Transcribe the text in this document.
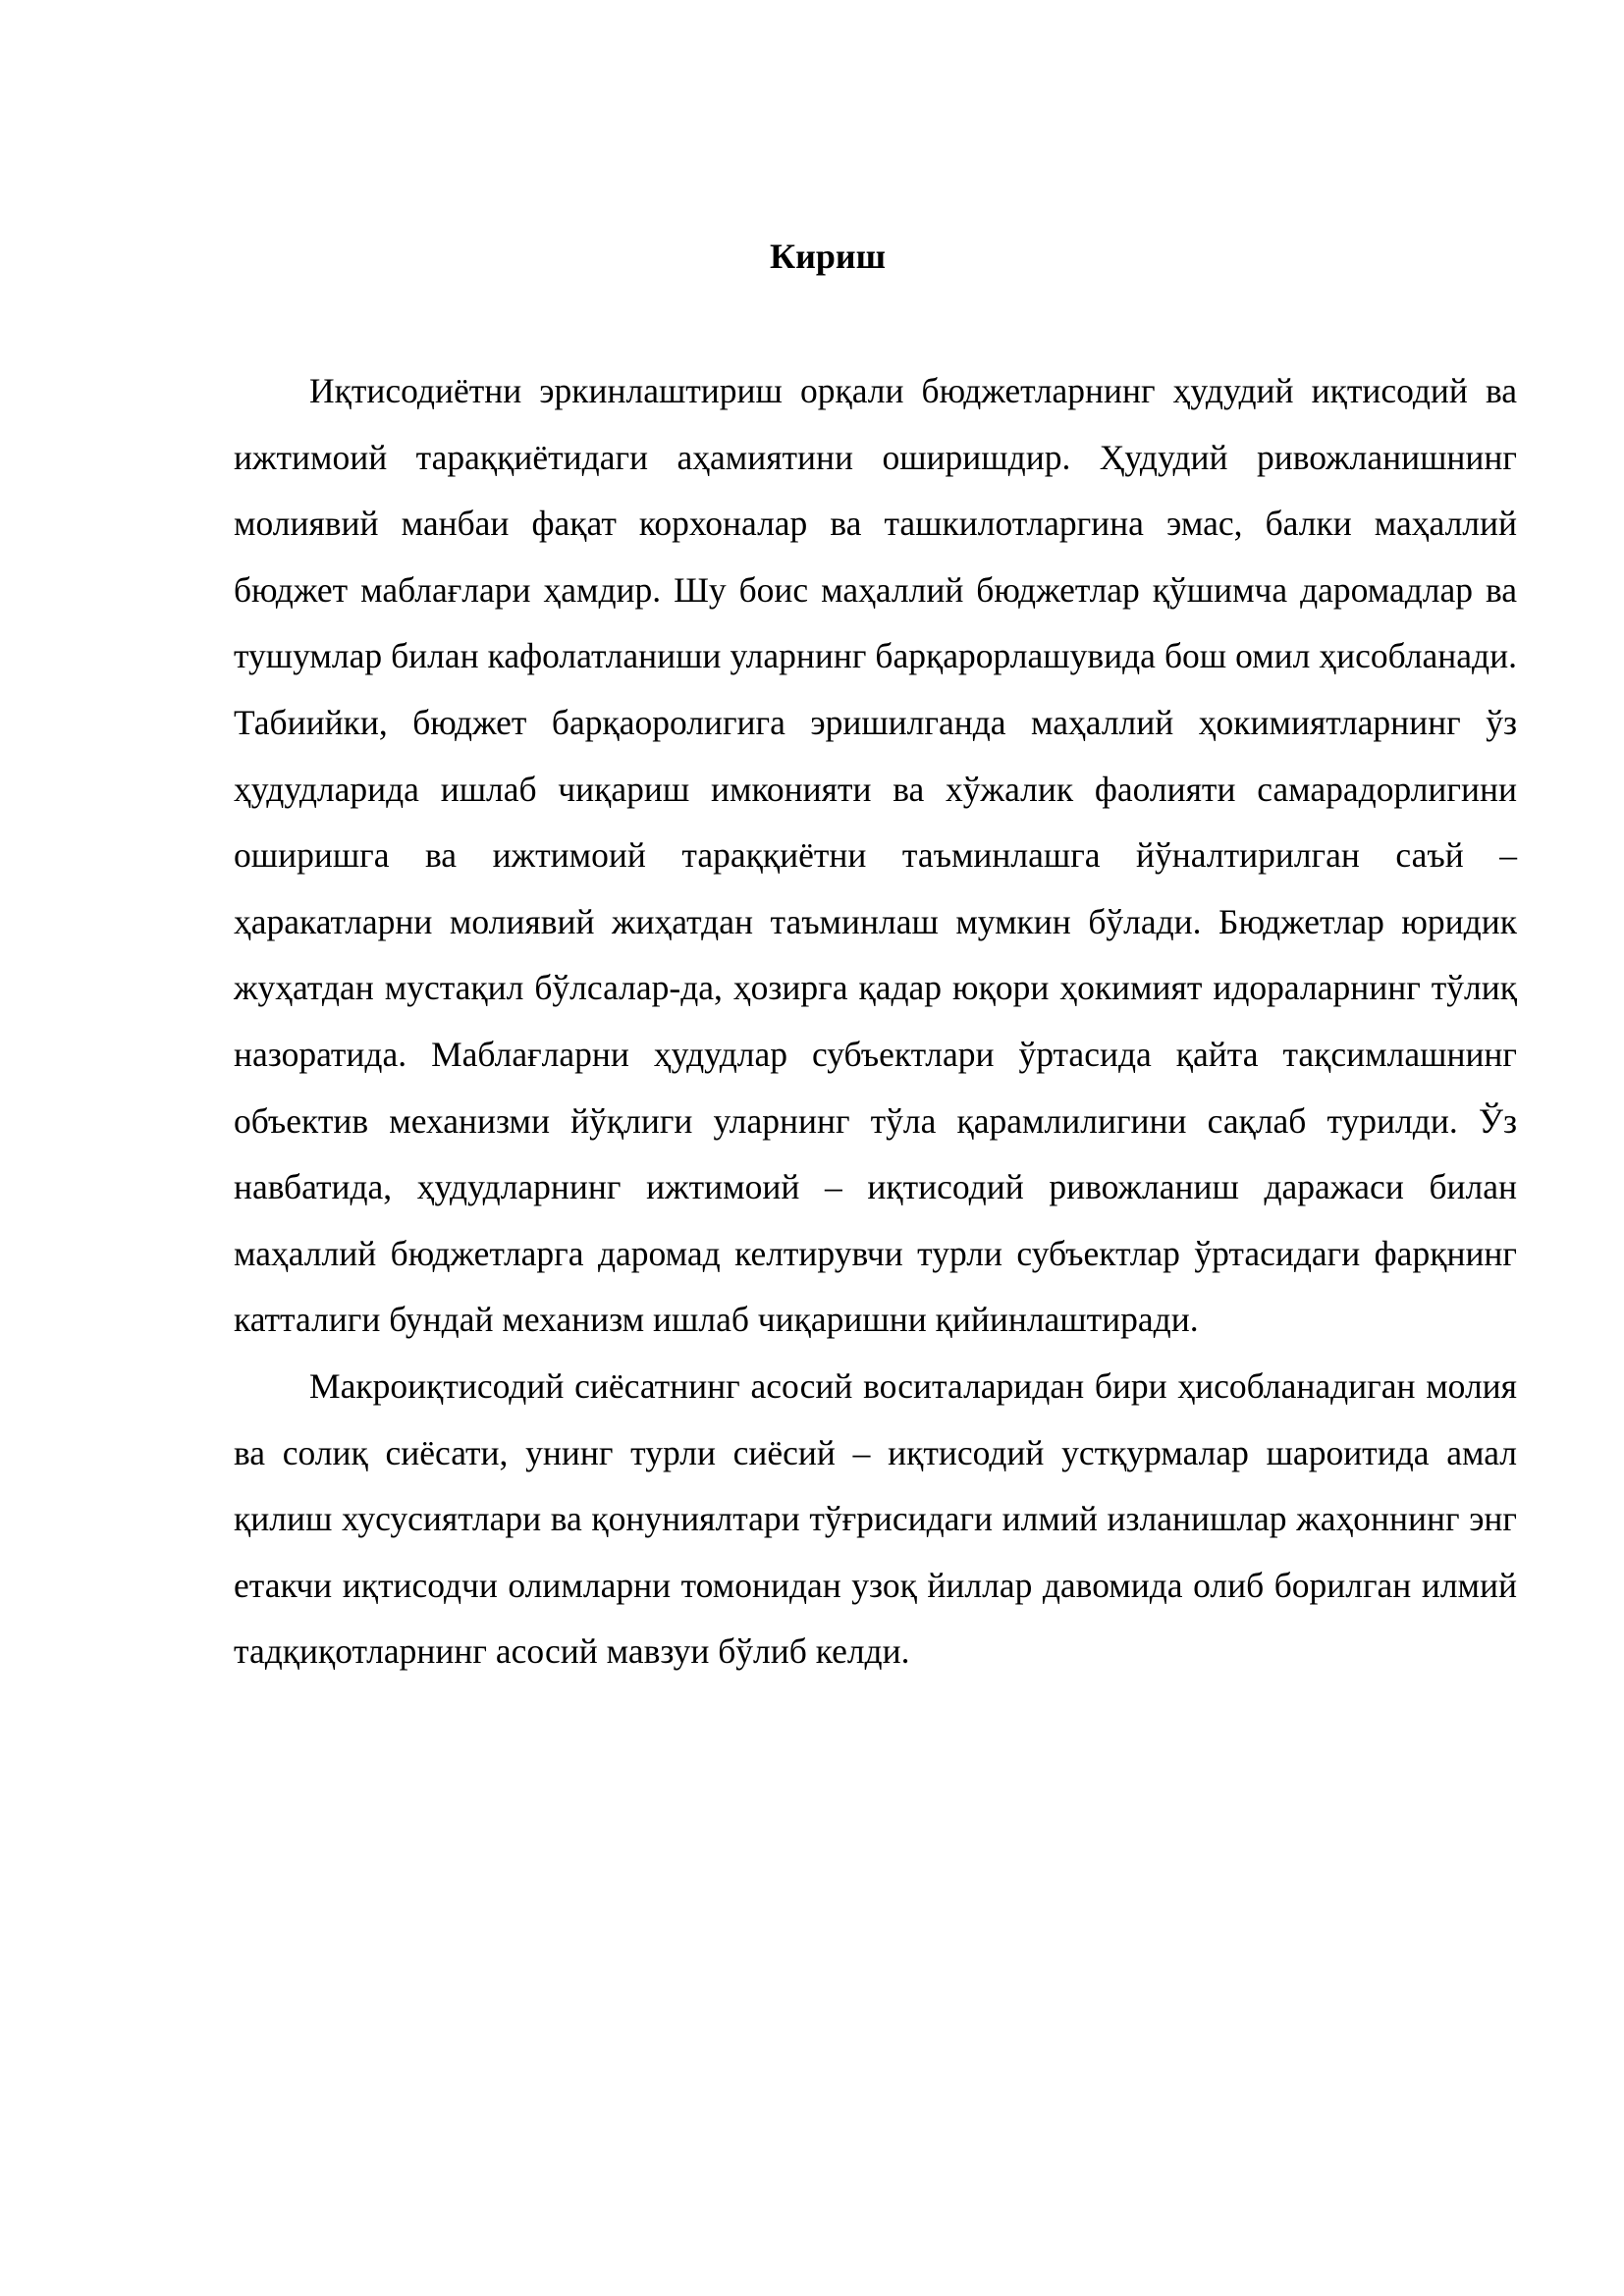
Кириш

Иқтисодиётни эркинлаштириш орқали бюджетларнинг ҳудудий иқтисодий ва ижтимоий тараққиётидаги аҳамиятини оширишдир. Ҳудудий ривожланишнинг молиявий манбаи фақат корхоналар ва ташкилотларгина эмас, балки маҳаллий бюджет маблағлари ҳамдир. Шу боис маҳаллий бюджетлар қўшимча даромадлар ва тушумлар билан кафолатланиши уларнинг барқарорлашувида бош омил ҳисобланади. Табиийки, бюджет барқаоролигига эришилганда маҳаллий ҳокимиятларнинг ўз ҳудудларида ишлаб чиқариш имконияти ва хўжалик фаолияти самарадорлигини оширишга ва ижтимоий тараққиётни таъминлашга йўналтирилган саъй – ҳаракатларни молиявий жиҳатдан таъминлаш мумкин бўлади. Бюджетлар юридик жуҳатдан мустақил бўлсалар-да, ҳозирга қадар юқори ҳокимият идораларнинг тўлиқ назоратида. Маблағларни ҳудудлар субъектлари ўртасида қайта тақсимлашнинг объектив механизми йўқлиги уларнинг тўла қарамлилигини сақлаб турилди. Ўз навбатида, ҳудудларнинг ижтимоий – иқтисодий ривожланиш даражаси билан маҳаллий бюджетларга даромад келтирувчи турли субъектлар ўртасидаги фарқнинг катталиги бундай механизм ишлаб чиқаришни қийинлаштиради.

Макроиқтисодий сиёсатнинг асосий воситаларидан бири ҳисобланадиган молия ва солиқ сиёсати, унинг турли сиёсий – иқтисодий устқурмалар шароитида амал қилиш хусусиятлари ва қонуниялтари тўғрисидаги илмий изланишлар жаҳоннинг энг етакчи иқтисодчи олимларни томонидан узоқ йиллар давомида олиб борилган илмий тадқиқотларнинг асосий мавзуи бўлиб келди.
